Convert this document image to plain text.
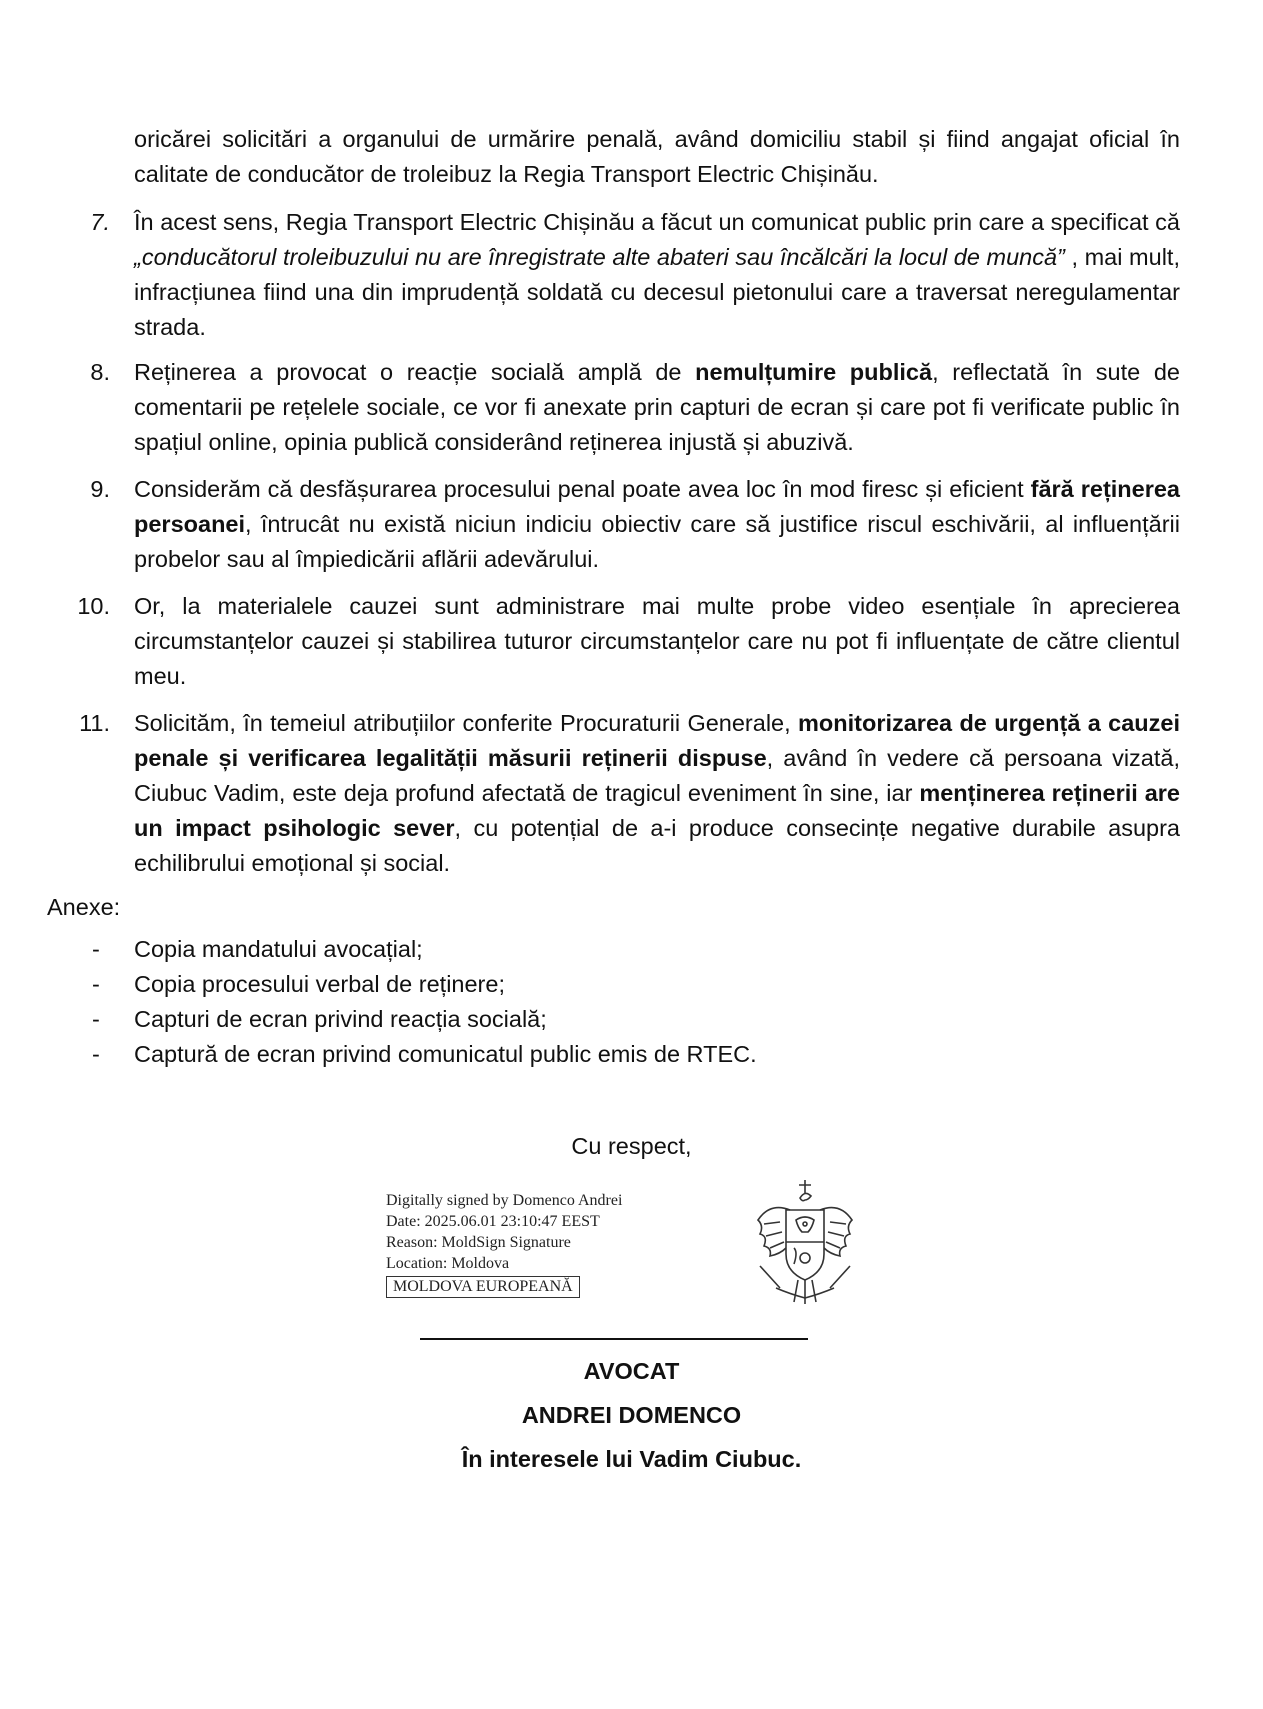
oricărei solicitări a organului de urmărire penală, având domiciliu stabil și fiind angajat oficial în calitate de conducător de troleibuz la Regia Transport Electric Chișinău.
7. În acest sens, Regia Transport Electric Chișinău a făcut un comunicat public prin care a specificat că „conducătorul troleibuzului nu are înregistrate alte abateri sau încălcări la locul de muncă” , mai mult, infracțiunea fiind una din imprudență soldată cu decesul pietonului care a traversat neregulamentar strada.
8. Reținerea a provocat o reacție socială amplă de nemulțumire publică, reflectată în sute de comentarii pe rețelele sociale, ce vor fi anexate prin capturi de ecran și care pot fi verificate public în spațiul online, opinia publică considerând reținerea injustă și abuzivă.
9. Considerăm că desfășurarea procesului penal poate avea loc în mod firesc și eficient fără reținerea persoanei, întrucât nu există niciun indiciu obiectiv care să justifice riscul eschivării, al influențării probelor sau al împiedicării aflării adevărului.
10. Or, la materialele cauzei sunt administrare mai multe probe video esențiale în aprecierea circumstanțelor cauzei și stabilirea tuturor circumstanțelor care nu pot fi influențate de către clientul meu.
11. Solicităm, în temeiul atribuțiilor conferite Procuraturii Generale, monitorizarea de urgență a cauzei penale și verificarea legalității măsurii reținerii dispuse, având în vedere că persoana vizată, Ciubuc Vadim, este deja profund afectată de tragicul eveniment în sine, iar menținerea reținerii are un impact psihologic sever, cu potențial de a-i produce consecințe negative durabile asupra echilibrului emoțional și social.
Anexe:
- Copia mandatului avocațial;
- Copia procesului verbal de reținere;
- Capturi de ecran privind reacția socială;
- Captură de ecran privind comunicatul public emis de RTEC.
Cu respect,
Digitally signed by Domenco Andrei
Date: 2025.06.01 23:10:47 EEST
Reason: MoldSign Signature
Location: Moldova
MOLDOVA EUROPEANĂ
AVOCAT
ANDREI DOMENCO
În interesele lui Vadim Ciubuc.
